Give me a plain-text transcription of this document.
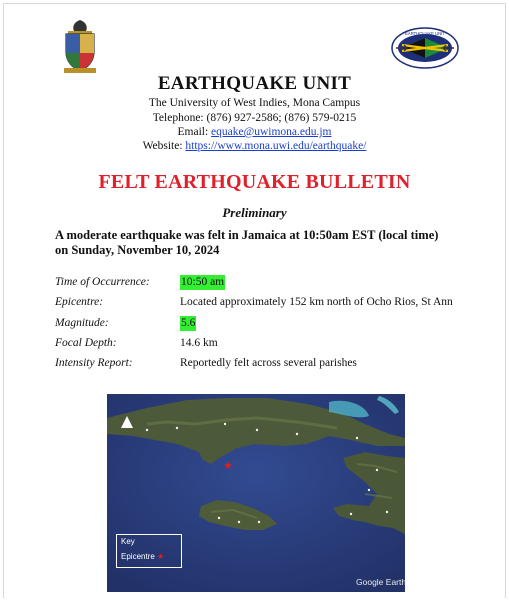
EARTHQUAKE UNIT
EARTHQUAKE UNIT
The University of West Indies, Mona Campus
Telephone: (876) 927-2586; (876) 579-0215
Email: equake@uwimona.edu.jm
Website: https://www.mona.uwi.edu/earthquake/
FELT EARTHQUAKE BULLETIN
Preliminary
A moderate earthquake was felt in Jamaica at 10:50am EST (local time)
on Sunday, November 10, 2024
Time of Occurrence:	10:50 am
Epicentre:	Located approximately 152 km north of Ocho Rios, St Ann
Magnitude:	5.6
Focal Depth:	14.6 km
Intensity Report:	Reportedly felt across several parishes
★
Key
Epicentre ★
Google Earth
